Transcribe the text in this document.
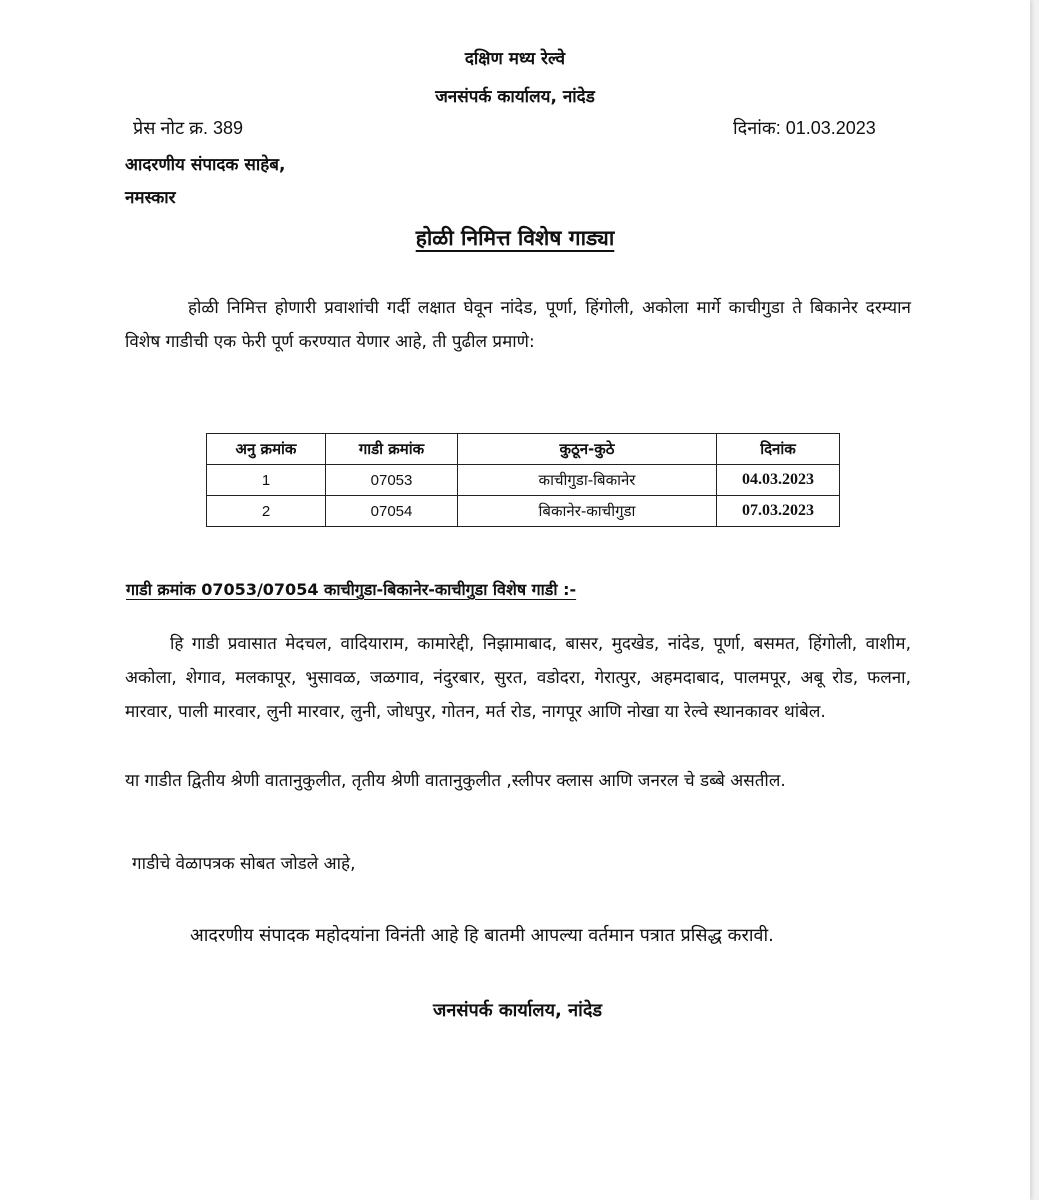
दक्षिण मध्य रेल्वे
जनसंपर्क कार्यालय, नांदेड
प्रेस नोट क्र. 389	दिनांक: 01.03.2023
आदरणीय संपादक साहेब,
नमस्कार
होळी निमित्त विशेष गाड्या
होळी निमित्त होणारी प्रवाशांची गर्दी लक्षात घेवून नांदेड, पूर्णा, हिंगोली, अकोला मार्गे काचीगुडा ते बिकानेर दरम्यान विशेष गाडीची एक फेरी पूर्ण करण्यात येणार आहे, ती पुढील प्रमाणे:
अनु क्रमांक	गाडी क्रमांक	कुठून-कुठे	दिनांक
1	07053	काचीगुडा-बिकानेर	04.03.2023
2	07054	बिकानेर-काचीगुडा	07.03.2023
गाडी क्रमांक 07053/07054 काचीगुडा-बिकानेर-काचीगुडा विशेष गाडी :-
हि गाडी प्रवासात मेदचल, वादियाराम, कामारेद्दी, निझामाबाद, बासर, मुदखेड, नांदेड, पूर्णा, बसमत, हिंगोली, वाशीम, अकोला, शेगाव, मलकापूर, भुसावळ, जळगाव, नंदुरबार, सुरत, वडोदरा, गेरात्पुर, अहमदाबाद, पालमपूर, अबू रोड, फलना, मारवार, पाली मारवार, लुनी मारवार, लुनी, जोधपुर, गोतन, मर्त रोड, नागपूर आणि नोखा या रेल्वे स्थानकावर थांबेल.
या गाडीत द्वितीय श्रेणी वातानुकुलीत, तृतीय श्रेणी वातानुकुलीत ,स्लीपर क्लास आणि जनरल चे डब्बे असतील.
गाडीचे वेळापत्रक सोबत जोडले आहे,
आदरणीय संपादक महोदयांना विनंती आहे हि बातमी आपल्या वर्तमान पत्रात प्रसिद्ध करावी.
जनसंपर्क कार्यालय, नांदेड
